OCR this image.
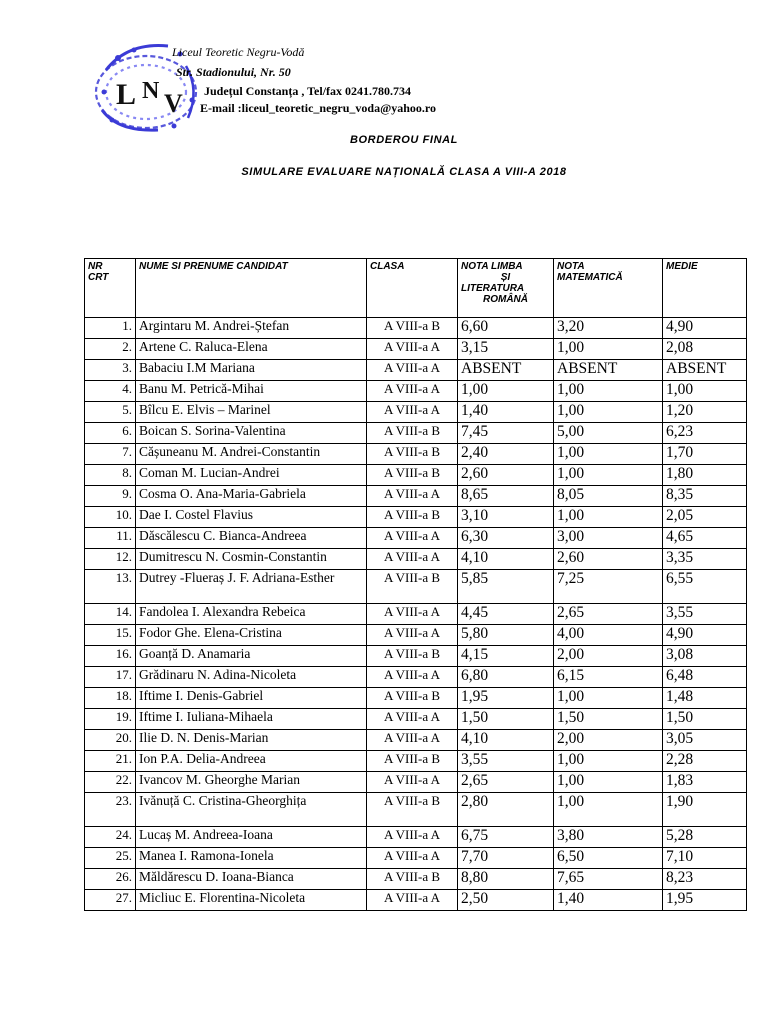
L N V
Liceul Teoretic Negru-Vodă
Str. Stadionului, Nr. 50
Județul Constanța , Tel/fax 0241.780.734
E-mail :liceul_teoretic_negru_voda@yahoo.ro
BORDEROU FINAL
SIMULARE EVALUARE NAȚIONALĂ CLASA A VIII-A 2018
NR
CRT	NUME SI PRENUME CANDIDAT	CLASA	NOTA LIMBA
ȘI
LITERATURA
ROMÂNĂ	NOTA
MATEMATICĂ	MEDIE
1.	Argintaru M. Andrei-Ștefan	A VIII-a B	6,60	3,20	4,90
2.	Artene C. Raluca-Elena	A VIII-a A	3,15	1,00	2,08
3.	Babaciu I.M Mariana	A VIII-a A	ABSENT	ABSENT	ABSENT
4.	Banu M. Petrică-Mihai	A VIII-a A	1,00	1,00	1,00
5.	Bîlcu E. Elvis – Marinel	A VIII-a A	1,40	1,00	1,20
6.	Boican S. Sorina-Valentina	A VIII-a B	7,45	5,00	6,23
7.	Cășuneanu M. Andrei-Constantin	A VIII-a B	2,40	1,00	1,70
8.	Coman M. Lucian-Andrei	A VIII-a B	2,60	1,00	1,80
9.	Cosma O. Ana-Maria-Gabriela	A VIII-a A	8,65	8,05	8,35
10.	Dae I. Costel Flavius	A VIII-a B	3,10	1,00	2,05
11.	Dăscălescu C. Bianca-Andreea	A VIII-a A	6,30	3,00	4,65
12.	Dumitrescu N. Cosmin-Constantin	A VIII-a A	4,10	2,60	3,35
13.	Dutrey -Flueraș J. F. Adriana-Esther	A VIII-a B	5,85	7,25	6,55
14.	Fandolea I. Alexandra Rebeica	A VIII-a A	4,45	2,65	3,55
15.	Fodor Ghe. Elena-Cristina	A VIII-a A	5,80	4,00	4,90
16.	Goanță D. Anamaria	A VIII-a B	4,15	2,00	3,08
17.	Grădinaru N. Adina-Nicoleta	A VIII-a A	6,80	6,15	6,48
18.	Iftime I. Denis-Gabriel	A VIII-a B	1,95	1,00	1,48
19.	Iftime I. Iuliana-Mihaela	A VIII-a A	1,50	1,50	1,50
20.	Ilie D. N. Denis-Marian	A VIII-a A	4,10	2,00	3,05
21.	Ion P.A. Delia-Andreea	A VIII-a B	3,55	1,00	2,28
22.	Ivancov M. Gheorghe Marian	A VIII-a A	2,65	1,00	1,83
23.	Ivănuță C. Cristina-Gheorghița	A VIII-a B	2,80	1,00	1,90
24.	Lucaș M. Andreea-Ioana	A VIII-a A	6,75	3,80	5,28
25.	Manea I. Ramona-Ionela	A VIII-a A	7,70	6,50	7,10
26.	Măldărescu D. Ioana-Bianca	A VIII-a B	8,80	7,65	8,23
27.	Micliuc E. Florentina-Nicoleta	A VIII-a A	2,50	1,40	1,95
